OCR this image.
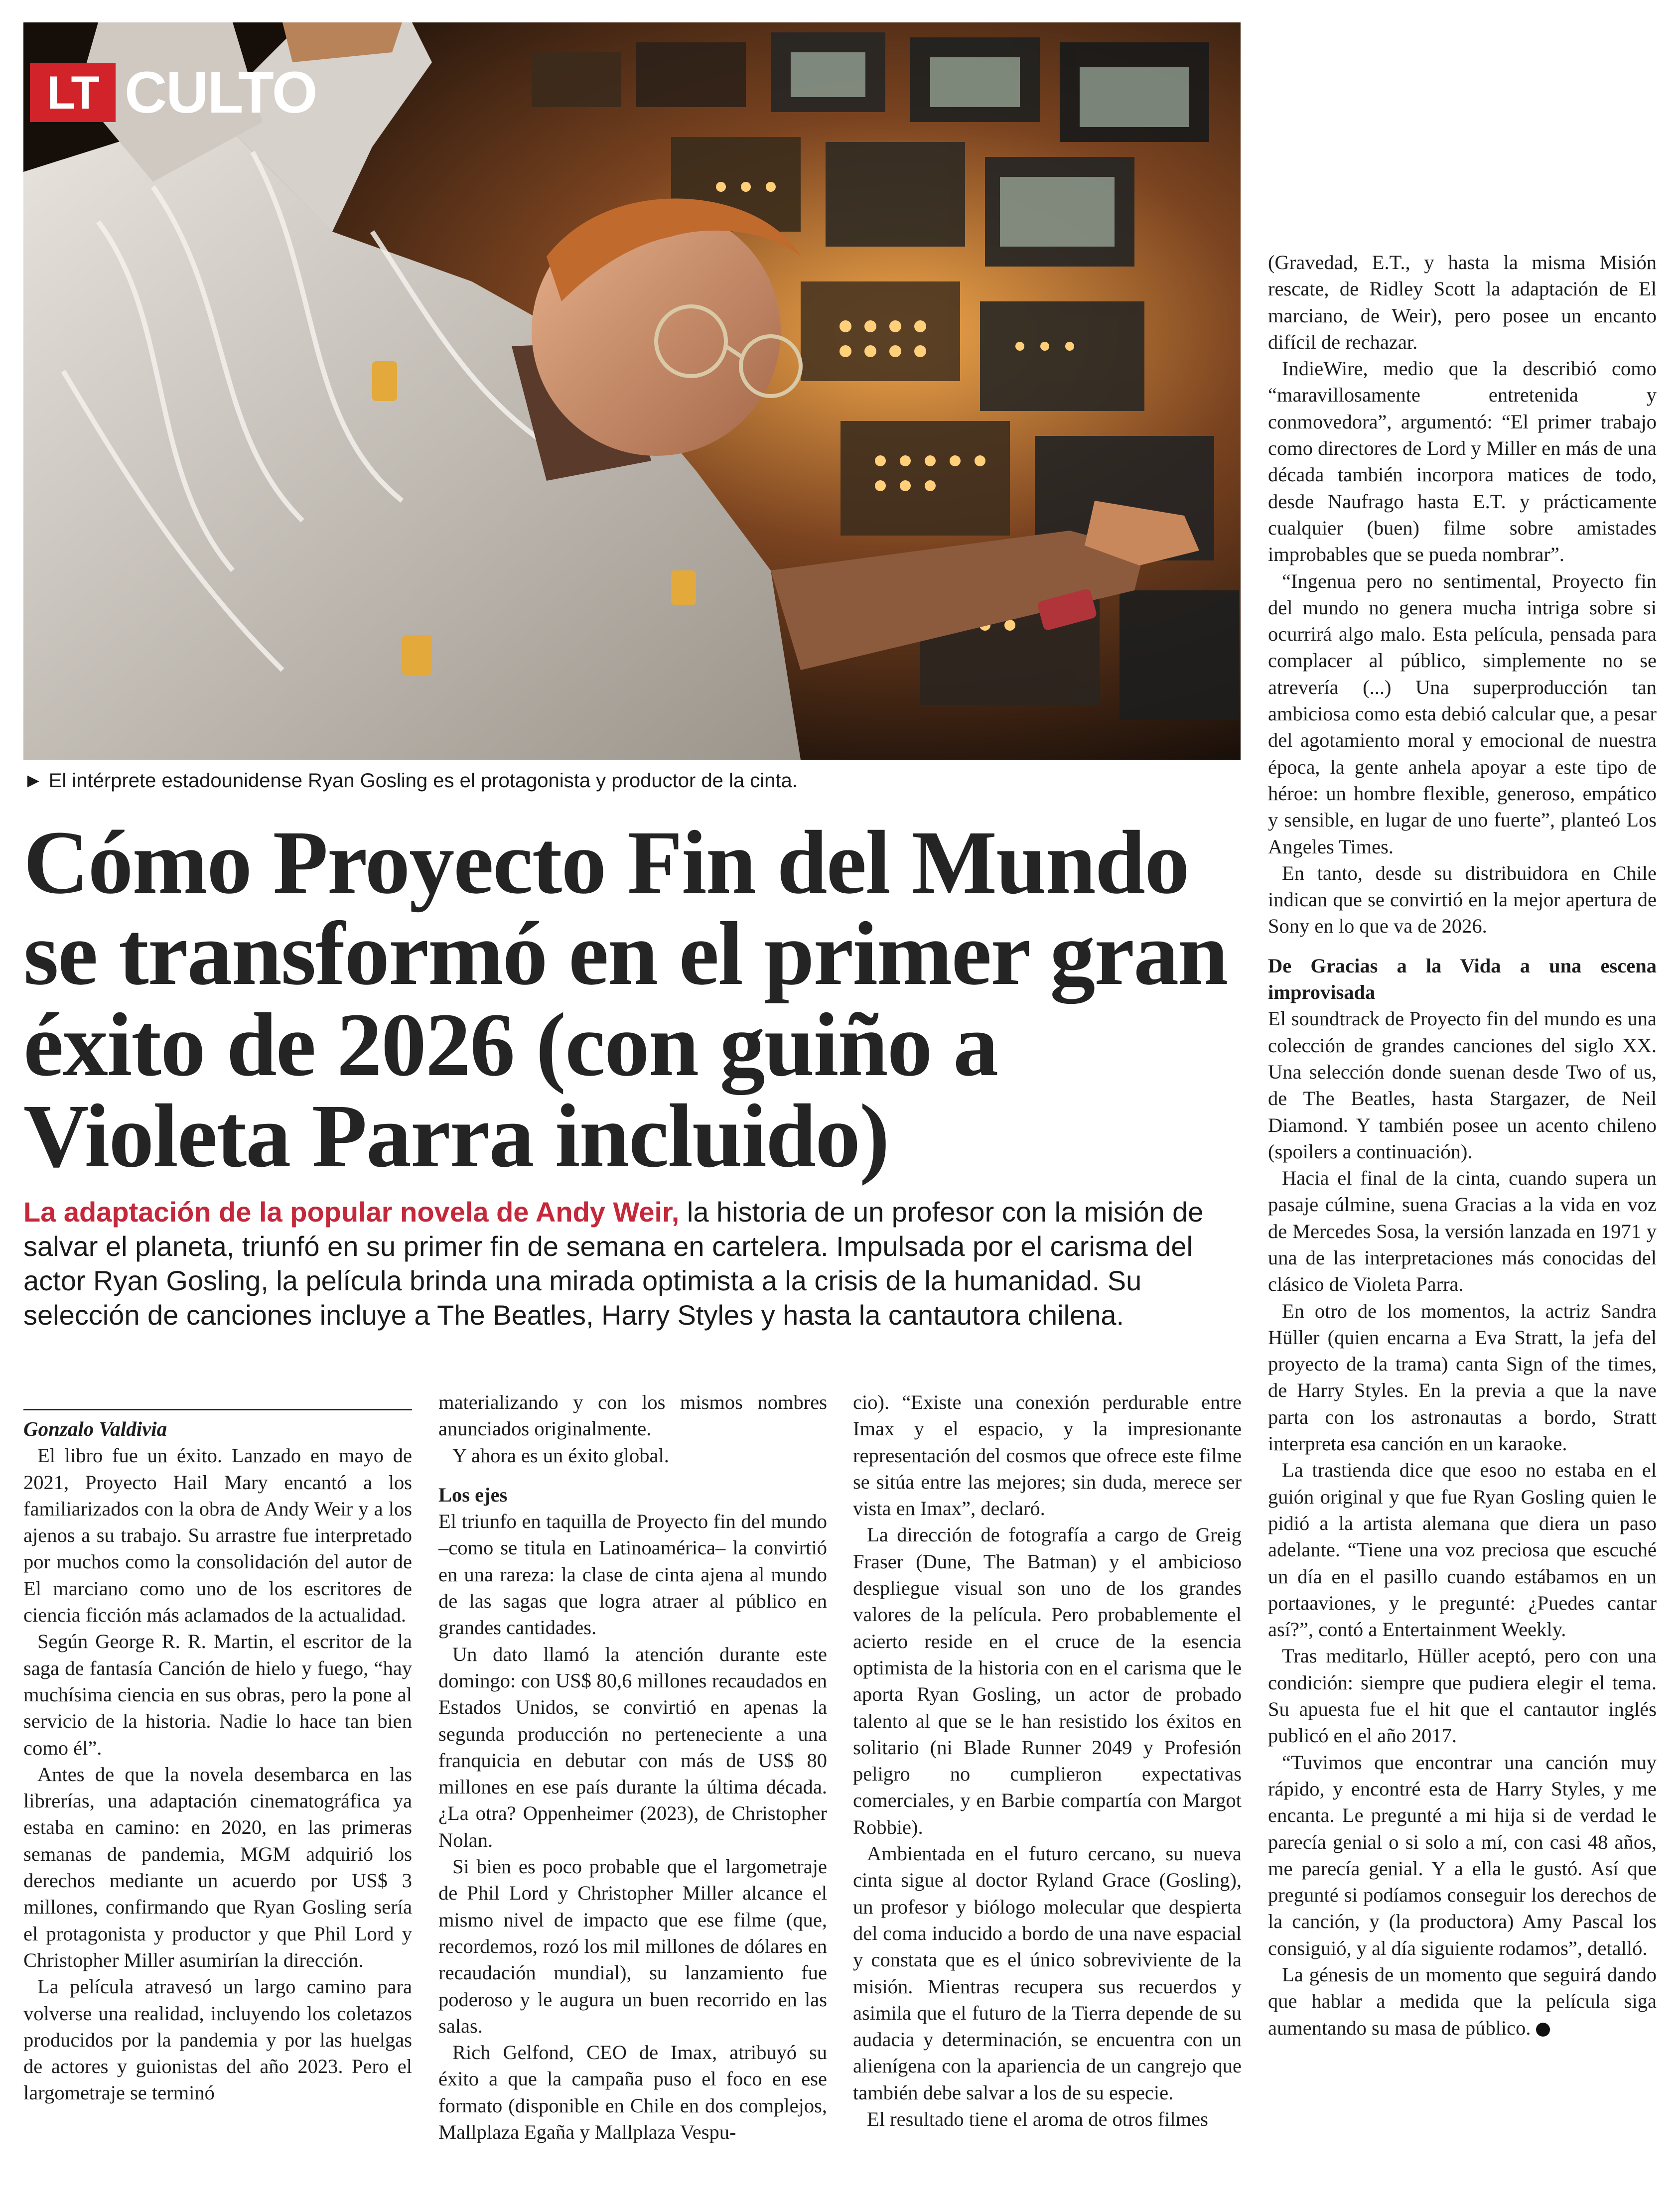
LT CULTO
► El intérprete estadounidense Ryan Gosling es el protagonista y productor de la cinta.
Cómo Proyecto Fin del Mundo se transformó en el primer gran éxito de 2026 (con guiño a Violeta Parra incluido)

La adaptación de la popular novela de Andy Weir, la historia de un profesor con la misión de salvar el planeta, triunfó en su primer fin de semana en cartelera. Impulsada por el carisma del actor Ryan Gosling, la película brinda una mirada optimista a la crisis de la humanidad. Su selección de canciones incluye a The Beatles, Harry Styles y hasta la cantautora chilena.

Gonzalo Valdivia

El libro fue un éxito. Lanzado en mayo de 2021, Proyecto Hail Mary encantó a los familiarizados con la obra de Andy Weir y a los ajenos a su trabajo. Su arrastre fue interpretado por muchos como la consolidación del autor de El marciano como uno de los escritores de ciencia ficción más aclamados de la actualidad.

Según George R. R. Martin, el escritor de la saga de fantasía Canción de hielo y fuego, “hay muchísima ciencia en sus obras, pero la pone al servicio de la historia. Nadie lo hace tan bien como él”.

Antes de que la novela desembarca en las librerías, una adaptación cinematográfica ya estaba en camino: en 2020, en las primeras semanas de pandemia, MGM adquirió los derechos mediante un acuerdo por US$ 3 millones, confirmando que Ryan Gosling sería el protagonista y productor y que Phil Lord y Christopher Miller asumirían la dirección.

La película atravesó un largo camino para volverse una realidad, incluyendo los coletazos producidos por la pandemia y por las huelgas de actores y guionistas del año 2023. Pero el largometraje se terminó

materializando y con los mismos nombres anunciados originalmente.

Y ahora es un éxito global.

Los ejes

El triunfo en taquilla de Proyecto fin del mundo –como se titula en Latinoamérica– la convirtió en una rareza: la clase de cinta ajena al mundo de las sagas que logra atraer al público en grandes cantidades.

Un dato llamó la atención durante este domingo: con US$ 80,6 millones recaudados en Estados Unidos, se convirtió en apenas la segunda producción no perteneciente a una franquicia en debutar con más de US$ 80 millones en ese país durante la última década. ¿La otra? Oppenheimer (2023), de Christopher Nolan.

Si bien es poco probable que el largometraje de Phil Lord y Christopher Miller alcance el mismo nivel de impacto que ese filme (que, recordemos, rozó los mil millones de dólares en recaudación mundial), su lanzamiento fue poderoso y le augura un buen recorrido en las salas.

Rich Gelfond, CEO de Imax, atribuyó su éxito a que la campaña puso el foco en ese formato (disponible en Chile en dos complejos, Mallplaza Egaña y Mallplaza Vespu-

cio). “Existe una conexión perdurable entre Imax y el espacio, y la impresionante representación del cosmos que ofrece este filme se sitúa entre las mejores; sin duda, merece ser vista en Imax”, declaró.

La dirección de fotografía a cargo de Greig Fraser (Dune, The Batman) y el ambicioso despliegue visual son uno de los grandes valores de la película. Pero probablemente el acierto reside en el cruce de la esencia optimista de la historia con en el carisma que le aporta Ryan Gosling, un actor de probado talento al que se le han resistido los éxitos en solitario (ni Blade Runner 2049 y Profesión peligro no cumplieron expectativas comerciales, y en Barbie compartía con Margot Robbie).

Ambientada en el futuro cercano, su nueva cinta sigue al doctor Ryland Grace (Gosling), un profesor y biólogo molecular que despierta del coma inducido a bordo de una nave espacial y constata que es el único sobreviviente de la misión. Mientras recupera sus recuerdos y asimila que el futuro de la Tierra depende de su audacia y determinación, se encuentra con un alienígena con la apariencia de un cangrejo que también debe salvar a los de su especie.

El resultado tiene el aroma de otros filmes

(Gravedad, E.T., y hasta la misma Misión rescate, de Ridley Scott la adaptación de El marciano, de Weir), pero posee un encanto difícil de rechazar.

IndieWire, medio que la describió como “maravillosamente entretenida y conmovedora”, argumentó: “El primer trabajo como directores de Lord y Miller en más de una década también incorpora matices de todo, desde Naufrago hasta E.T. y prácticamente cualquier (buen) filme sobre amistades improbables que se pueda nombrar”.

“Ingenua pero no sentimental, Proyecto fin del mundo no genera mucha intriga sobre si ocurrirá algo malo. Esta película, pensada para complacer al público, simplemente no se atrevería (...) Una superproducción tan ambiciosa como esta debió calcular que, a pesar del agotamiento moral y emocional de nuestra época, la gente anhela apoyar a este tipo de héroe: un hombre flexible, generoso, empático y sensible, en lugar de uno fuerte”, planteó Los Angeles Times.

En tanto, desde su distribuidora en Chile indican que se convirtió en la mejor apertura de Sony en lo que va de 2026.

De Gracias a la Vida a una escena improvisada

El soundtrack de Proyecto fin del mundo es una colección de grandes canciones del siglo XX. Una selección donde suenan desde Two of us, de The Beatles, hasta Stargazer, de Neil Diamond. Y también posee un acento chileno (spoilers a continuación).

Hacia el final de la cinta, cuando supera un pasaje cúlmine, suena Gracias a la vida en voz de Mercedes Sosa, la versión lanzada en 1971 y una de las interpretaciones más conocidas del clásico de Violeta Parra.

En otro de los momentos, la actriz Sandra Hüller (quien encarna a Eva Stratt, la jefa del proyecto de la trama) canta Sign of the times, de Harry Styles. En la previa a que la nave parta con los astronautas a bordo, Stratt interpreta esa canción en un karaoke.

La trastienda dice que esoo no estaba en el guión original y que fue Ryan Gosling quien le pidió a la artista alemana que diera un paso adelante. “Tiene una voz preciosa que escuché un día en el pasillo cuando estábamos en un portaaviones, y le pregunté: ¿Puedes cantar así?”, contó a Entertainment Weekly.

Tras meditarlo, Hüller aceptó, pero con una condición: siempre que pudiera elegir el tema. Su apuesta fue el hit que el cantautor inglés publicó en el año 2017.

“Tuvimos que encontrar una canción muy rápido, y encontré esta de Harry Styles, y me encanta. Le pregunté a mi hija si de verdad le parecía genial o si solo a mí, con casi 48 años, me parecía genial. Y a ella le gustó. Así que pregunté si podíamos conseguir los derechos de la canción, y (la productora) Amy Pascal los consiguió, y al día siguiente rodamos”, detalló.

La génesis de un momento que seguirá dando que hablar a medida que la película siga aumentando su masa de público.
